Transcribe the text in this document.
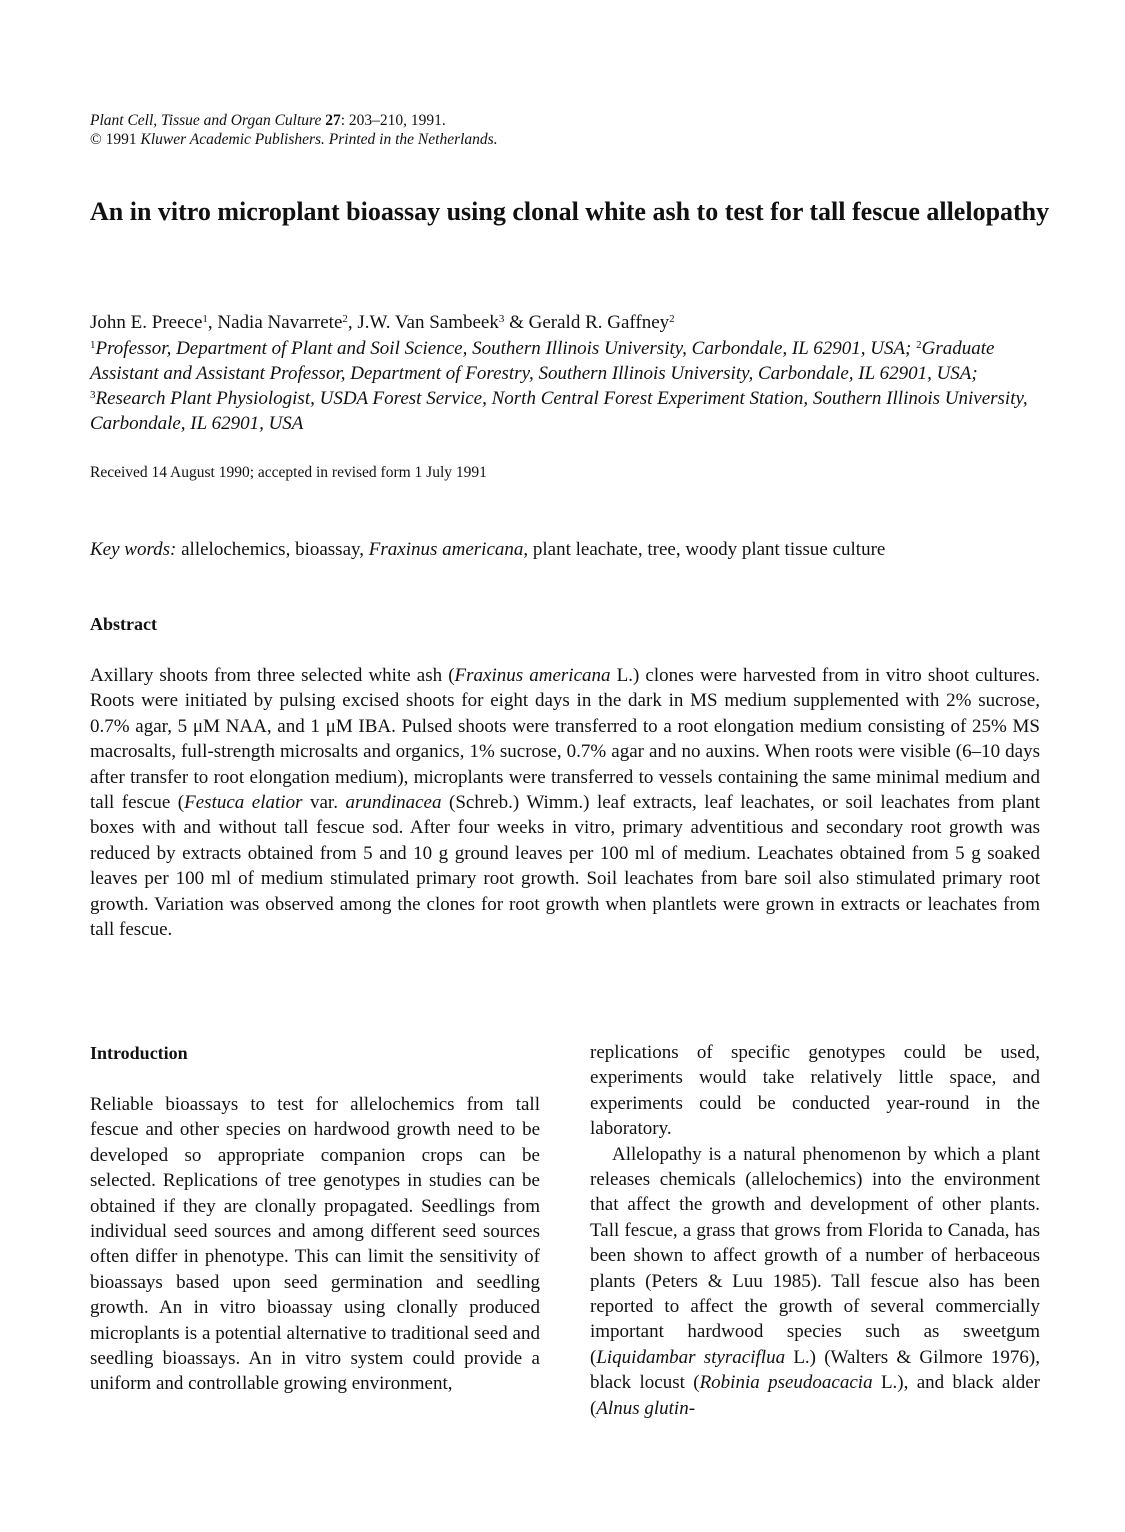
Plant Cell, Tissue and Organ Culture 27: 203–210, 1991.
© 1991 Kluwer Academic Publishers. Printed in the Netherlands.
An in vitro microplant bioassay using clonal white ash to test for tall fescue allelopathy
John E. Preece$^1$, Nadia Navarrete$^2$, J.W. Van Sambeek$^3$ & Gerald R. Gaffney$^2$
$^1$Professor, Department of Plant and Soil Science, Southern Illinois University, Carbondale, IL 62901, USA; $^2$Graduate Assistant and Assistant Professor, Department of Forestry, Southern Illinois University, Carbondale, IL 62901, USA; $^3$Research Plant Physiologist, USDA Forest Service, North Central Forest Experiment Station, Southern Illinois University, Carbondale, IL 62901, USA
Received 14 August 1990; accepted in revised form 1 July 1991
Key words: allelochemics, bioassay, Fraxinus americana, plant leachate, tree, woody plant tissue culture
Abstract

Axillary shoots from three selected white ash (Fraxinus americana L.) clones were harvested from in vitro shoot cultures. Roots were initiated by pulsing excised shoots for eight days in the dark in MS medium supplemented with 2% sucrose, 0.7% agar, 5 μM NAA, and 1 μM IBA. Pulsed shoots were transferred to a root elongation medium consisting of 25% MS macrosalts, full-strength microsalts and organics, 1% sucrose, 0.7% agar and no auxins. When roots were visible (6–10 days after transfer to root elongation medium), microplants were transferred to vessels containing the same minimal medium and tall fescue (Festuca elatior var. arundinacea (Schreb.) Wimm.) leaf extracts, leaf leachates, or soil leachates from plant boxes with and without tall fescue sod. After four weeks in vitro, primary adventitious and secondary root growth was reduced by extracts obtained from 5 and 10 g ground leaves per 100 ml of medium. Leachates obtained from 5 g soaked leaves per 100 ml of medium stimulated primary root growth. Soil leachates from bare soil also stimulated primary root growth. Variation was observed among the clones for root growth when plantlets were grown in extracts or leachates from tall fescue.

Introduction

Reliable bioassays to test for allelochemics from tall fescue and other species on hardwood growth need to be developed so appropriate companion crops can be selected. Replications of tree genotypes in studies can be obtained if they are clonally propagated. Seedlings from individual seed sources and among different seed sources often differ in phenotype. This can limit the sensitivity of bioassays based upon seed germination and seedling growth. An in vitro bioassay using clonally produced microplants is a potential alternative to traditional seed and seedling bioassays. An in vitro system could provide a uniform and controllable growing environment,

replications of specific genotypes could be used, experiments would take relatively little space, and experiments could be conducted year-round in the laboratory.

Allelopathy is a natural phenomenon by which a plant releases chemicals (allelochemics) into the environment that affect the growth and development of other plants. Tall fescue, a grass that grows from Florida to Canada, has been shown to affect growth of a number of herbaceous plants (Peters & Luu 1985). Tall fescue also has been reported to affect the growth of several commercially important hardwood species such as sweetgum (Liquidambar styraciflua L.) (Walters & Gilmore 1976), black locust (Robinia pseudoacacia L.), and black alder (Alnus glutin-
